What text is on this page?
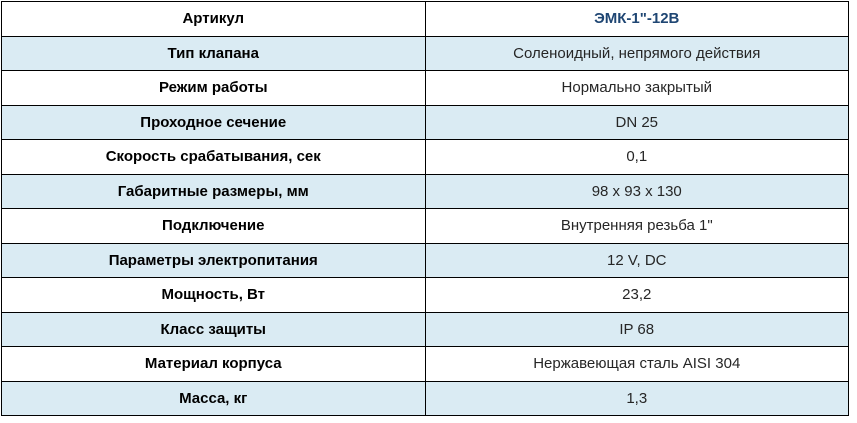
Артикул	ЭМК-1"-12В
Тип клапана	Соленоидный, непрямого действия
Режим работы	Нормально закрытый
Проходное сечение	DN 25
Скорость срабатывания, сек	0,1
Габаритные размеры, мм	98 х 93 х 130
Подключение	Внутренняя резьба 1"
Параметры электропитания	12 V, DC
Мощность, Вт	23,2
Класс защиты	IP 68
Материал корпуса	Нержавеющая сталь AISI 304
Масса, кг	1,3
